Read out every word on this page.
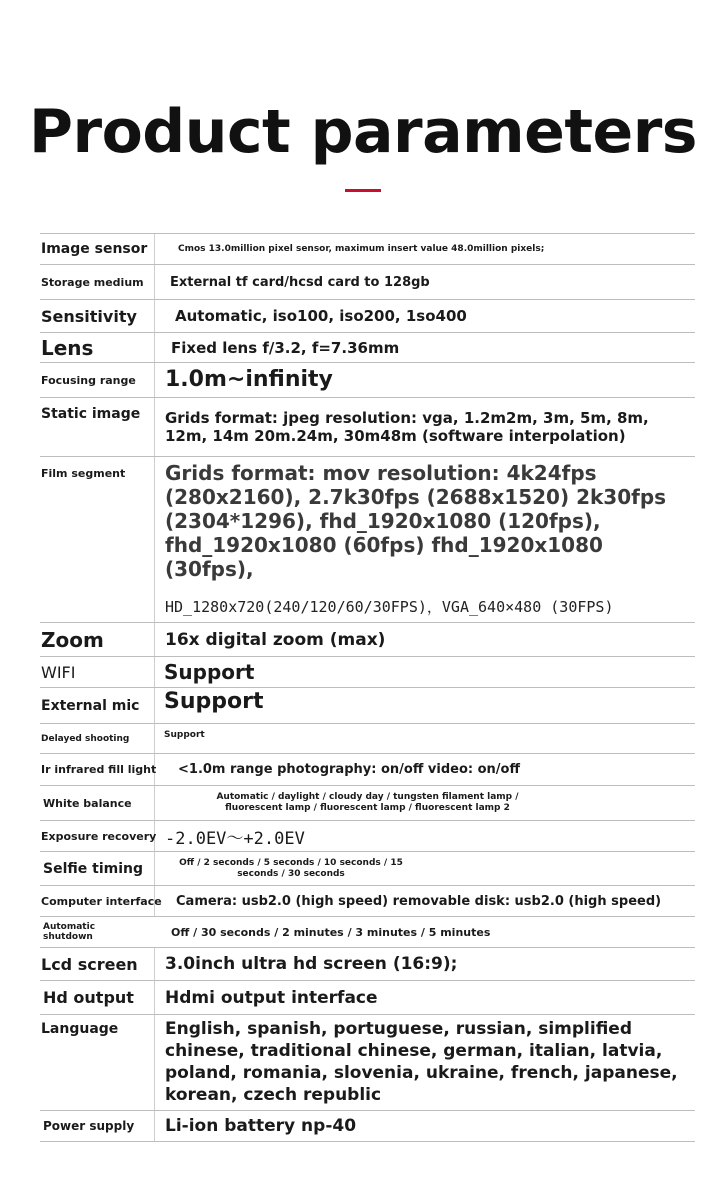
Product parameters
Image sensor	Cmos 13.0million pixel sensor, maximum insert value 48.0million pixels;
Storage medium	External tf card/hcsd card to 128gb
Sensitivity	Automatic, iso100, iso200, 1so400
Lens	Fixed lens f/3.2, f=7.36mm
Focusing range	1.0m~infinity
Static image	Grids format: jpeg resolution: vga, 1.2m2m, 3m, 5m, 8m, 12m, 14m 20m.24m, 30m48m (software interpolation)
Film segment	Grids format: mov resolution: 4k24fps (280x2160), 2.7k30fps (2688x1520) 2k30fps (2304*1296), fhd_1920x1080 (120fps), fhd_1920x1080 (60fps) fhd_1920x1080 (30fps),
HD_1280x720(240/120/60/30FPS)，VGA_640×480 (30FPS)
Zoom	16x digital zoom (max)
WIFI	Support
External mic	Support
Delayed shooting	Support
Ir infrared fill light <1.0m range photography: on/off video: on/off
White balance	Automatic / daylight / cloudy day / tungsten filament lamp / fluorescent lamp / fluorescent lamp / fluorescent lamp 2
Exposure recovery -2.0EV～+2.0EV
Selfie timing	Off / 2 seconds / 5 seconds / 10 seconds / 15 seconds / 30 seconds
Computer interface Camera: usb2.0 (high speed) removable disk: usb2.0 (high speed)
Automatic shutdown	Off / 30 seconds / 2 minutes / 3 minutes / 5 minutes
Lcd screen	3.0inch ultra hd screen (16:9);
Hd output	Hdmi output interface
Language	English, spanish, portuguese, russian, simplified chinese, traditional chinese, german, italian, latvia, poland, romania, slovenia, ukraine, french, japanese, korean, czech republic
Power supply	Li-ion battery np-40
